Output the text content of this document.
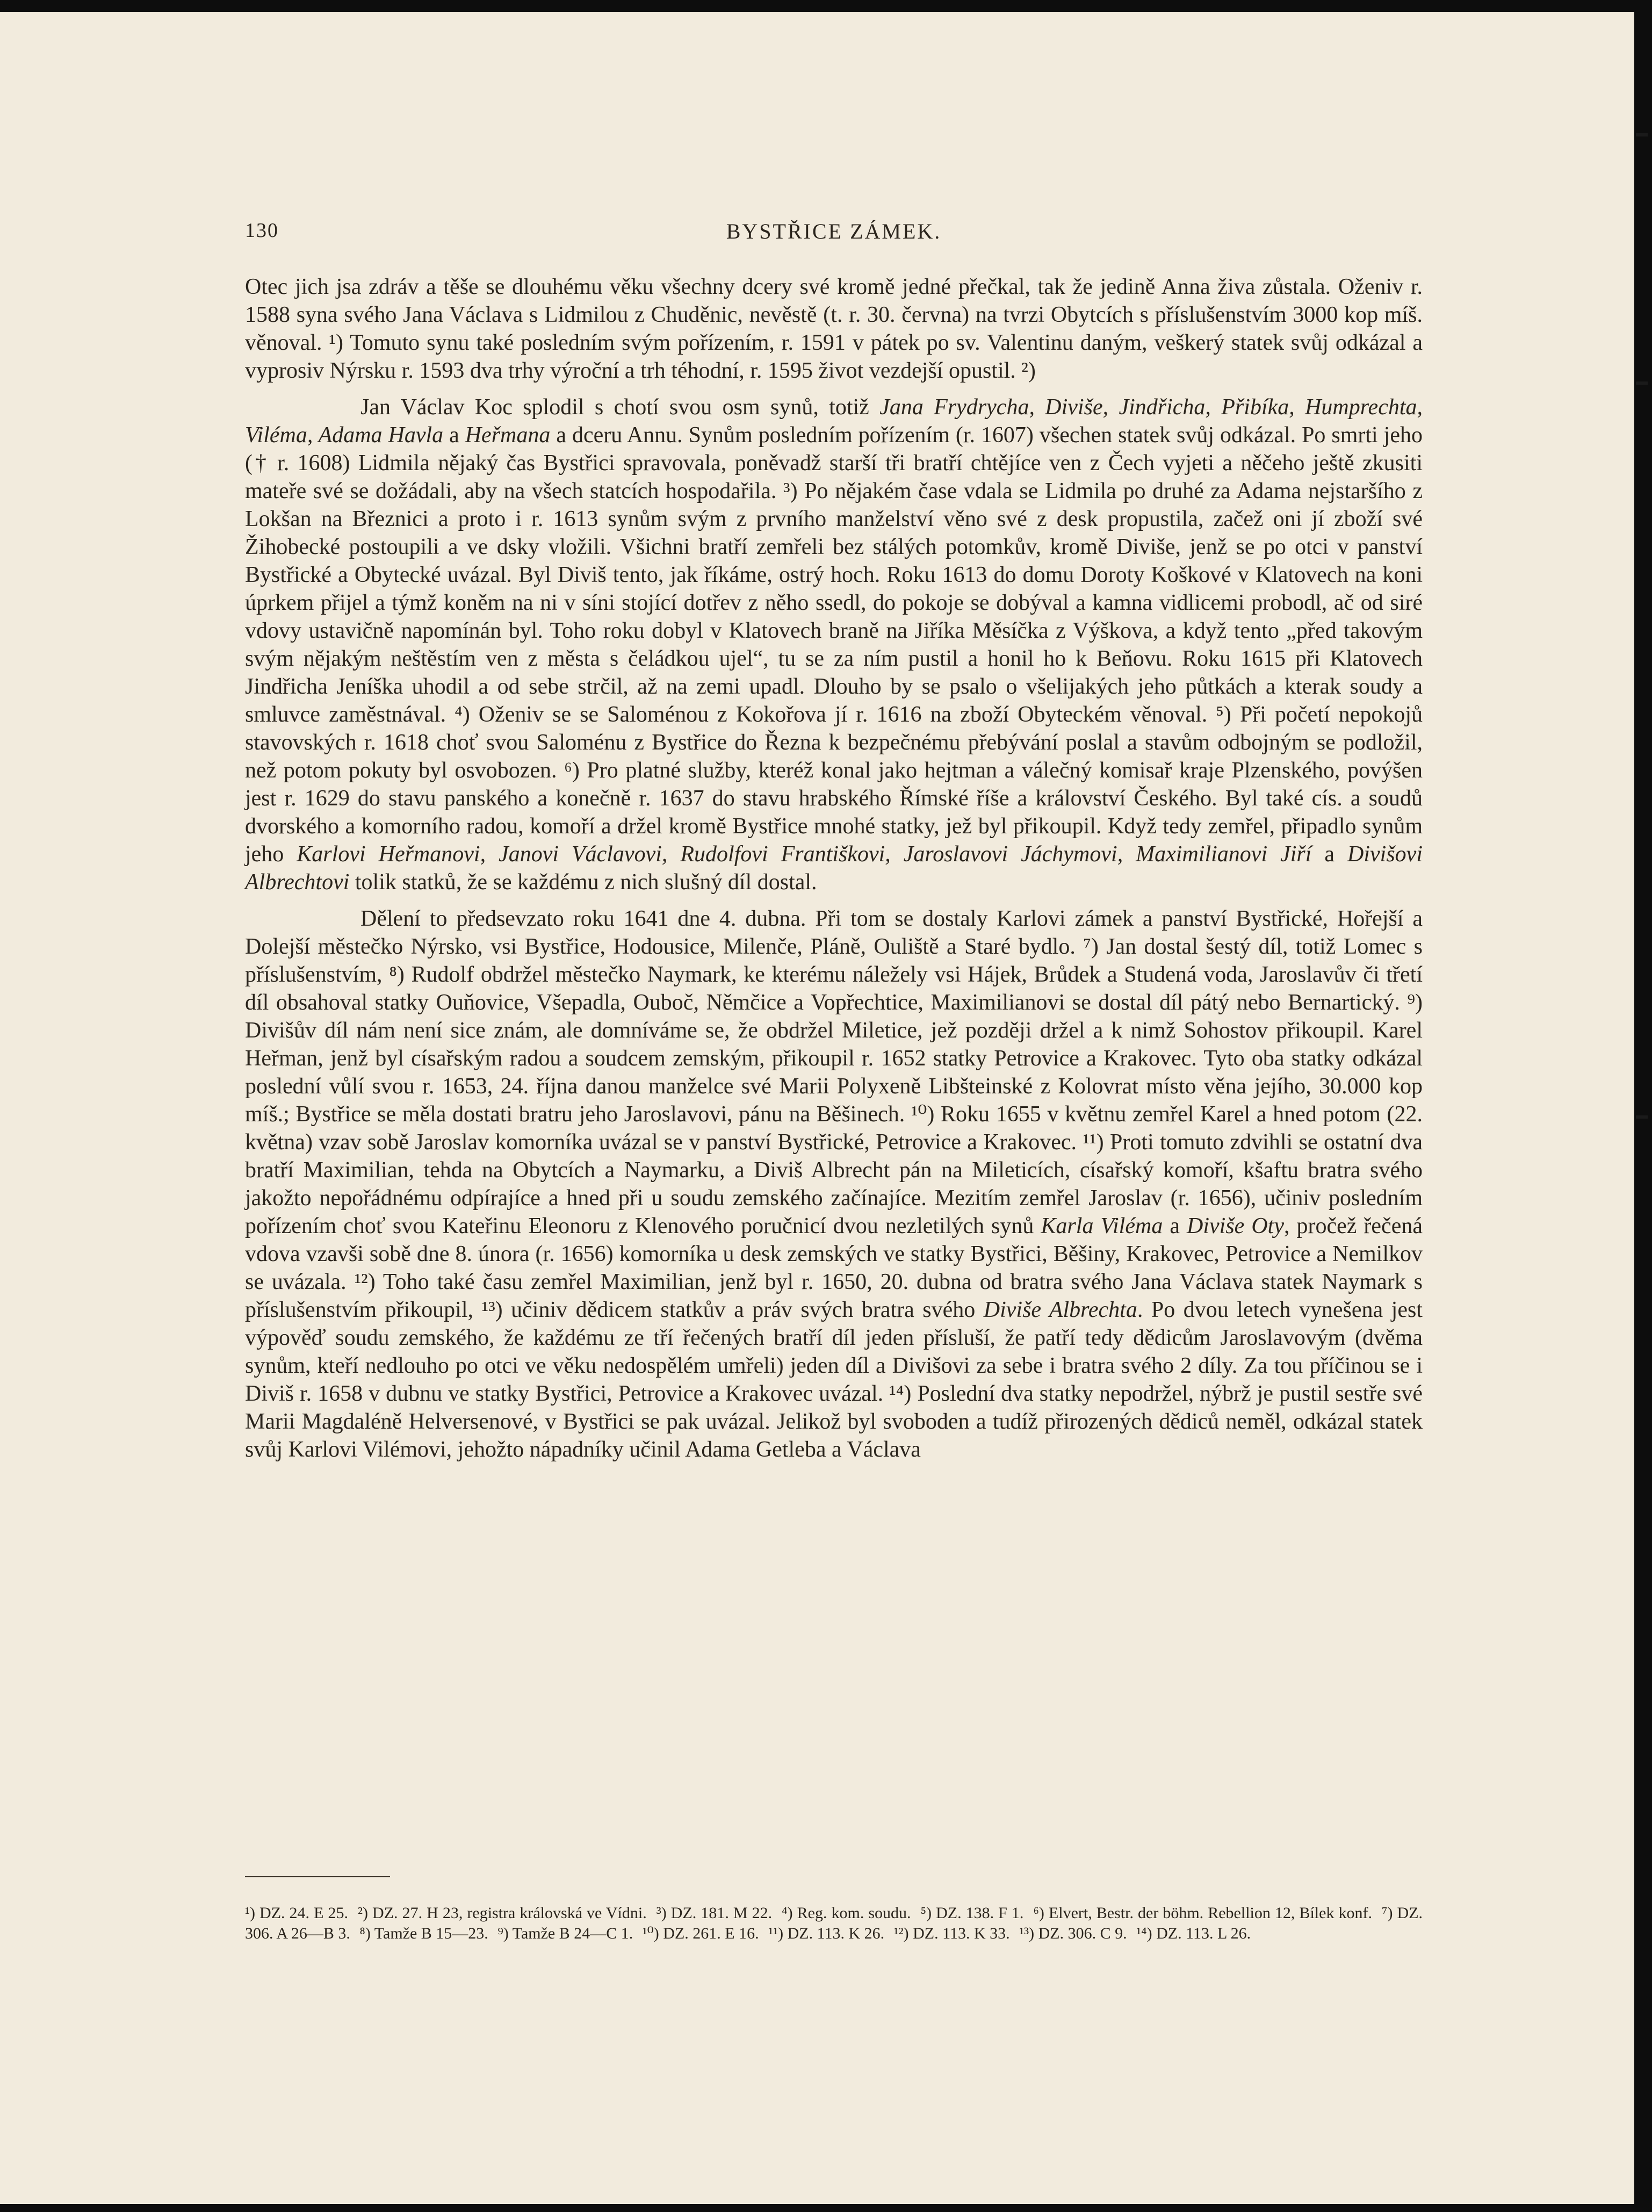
130	BYSTŘICE ZÁMEK.

Otec jich jsa zdráv a těše se dlouhému věku všechny dcery své kromě jedné přečkal, tak že jedině Anna živa zůstala. Oženiv r. 1588 syna svého Jana Václava s Lidmilou z Chuděnic, nevěstě (t. r. 30. června) na tvrzi Obytcích s příslušenstvím 3000 kop míš. věnoval. ¹) Tomuto synu také posledním svým pořízením, r. 1591 v pátek po sv. Valentinu daným, veškerý statek svůj odkázal a vyprosiv Nýrsku r. 1593 dva trhy výroční a trh téhodní, r. 1595 život vezdejší opustil. ²)

Jan Václav Koc splodil s chotí svou osm synů, totiž Jana Frydrycha, Diviše, Jindřicha, Přibíka, Humprechta, Viléma, Adama Havla a Heřmana a dceru Annu. Synům posledním pořízením (r. 1607) všechen statek svůj odkázal. Po smrti jeho († r. 1608) Lidmila nějaký čas Bystřici spravovala, poněvadž starší tři bratří chtějíce ven z Čech vyjeti a něčeho ještě zkusiti mateře své se dožádali, aby na všech statcích hospodařila. ³) Po nějakém čase vdala se Lidmila po druhé za Adama nejstaršího z Lokšan na Březnici a proto i r. 1613 synům svým z prvního manželství věno své z desk propustila, začež oni jí zboží své Žihobecké postoupili a ve dsky vložili. Všichni bratří zemřeli bez stálých potomkův, kromě Diviše, jenž se po otci v panství Bystřické a Obytecké uvázal. Byl Diviš tento, jak říkáme, ostrý hoch. Roku 1613 do domu Doroty Koškové v Klatovech na koni úprkem přijel a týmž koněm na ni v síni stojící dotřev z něho ssedl, do pokoje se dobýval a kamna vidlicemi probodl, ač od siré vdovy ustavičně napomínán byl. Toho roku dobyl v Klatovech braně na Jiříka Měsíčka z Výškova, a když tento „před takovým svým nějakým neštěstím ven z města s čeládkou ujel“, tu se za ním pustil a honil ho k Beňovu. Roku 1615 při Klatovech Jindřicha Jeníška uhodil a od sebe strčil, až na zemi upadl. Dlouho by se psalo o všelijakých jeho půtkách a kterak soudy a smluvce zaměstnával. ⁴) Oženiv se se Saloménou z Kokořova jí r. 1616 na zboží Obyteckém věnoval. ⁵) Při početí nepokojů stavovských r. 1618 choť svou Saloménu z Bystřice do Řezna k bezpečnému přebývání poslal a stavům odbojným se podložil, než potom pokuty byl osvobozen. ⁶) Pro platné služby, kteréž konal jako hejtman a válečný komisař kraje Plzenského, povýšen jest r. 1629 do stavu panského a konečně r. 1637 do stavu hrabského Římské říše a království Českého. Byl také cís. a soudů dvorského a komorního radou, komoří a držel kromě Bystřice mnohé statky, jež byl přikoupil. Když tedy zemřel, připadlo synům jeho Karlovi Heřmanovi, Janovi Václavovi, Rudolfovi Františkovi, Jaroslavovi Jáchymovi, Maximilianovi Jiří a Divišovi Albrechtovi tolik statků, že se každému z nich slušný díl dostal.

Dělení to předsevzato roku 1641 dne 4. dubna. Při tom se dostaly Karlovi zámek a panství Bystřické, Hořejší a Dolejší městečko Nýrsko, vsi Bystřice, Hodousice, Milenče, Pláně, Ouliště a Staré bydlo. ⁷) Jan dostal šestý díl, totiž Lomec s příslušenstvím, ⁸) Rudolf obdržel městečko Naymark, ke kterému náležely vsi Hájek, Brůdek a Studená voda, Jaroslavův či třetí díl obsahoval statky Ouňovice, Všepadla, Ouboč, Němčice a Vopřechtice, Maximilianovi se dostal díl pátý nebo Bernartický. ⁹) Divišův díl nám není sice znám, ale domníváme se, že obdržel Miletice, jež později držel a k nimž Sohostov přikoupil. Karel Heřman, jenž byl císařským radou a soudcem zemským, přikoupil r. 1652 statky Petrovice a Krakovec. Tyto oba statky odkázal poslední vůlí svou r. 1653, 24. října danou manželce své Marii Polyxeně Libšteinské z Kolovrat místo věna jejího, 30.000 kop míš.; Bystřice se měla dostati bratru jeho Jaroslavovi, pánu na Běšinech. ¹⁰) Roku 1655 v květnu zemřel Karel a hned potom (22. května) vzav sobě Jaroslav komorníka uvázal se v panství Bystřické, Petrovice a Krakovec. ¹¹) Proti tomuto zdvihli se ostatní dva bratří Maximilian, tehda na Obytcích a Naymarku, a Diviš Albrecht pán na Mileticích, císařský komoří, kšaftu bratra svého jakožto nepořádnému odpírajíce a hned při u soudu zemského začínajíce. Mezitím zemřel Jaroslav (r. 1656), učiniv posledním pořízením choť svou Kateřinu Eleonoru z Klenového poručnicí dvou nezletilých synů Karla Viléma a Diviše Oty, pročež řečená vdova vzavši sobě dne 8. února (r. 1656) komorníka u desk zemských ve statky Bystřici, Běšiny, Krakovec, Petrovice a Nemilkov se uvázala. ¹²) Toho také času zemřel Maximilian, jenž byl r. 1650, 20. dubna od bratra svého Jana Václava statek Naymark s příslušenstvím přikoupil, ¹³) učiniv dědicem statkův a práv svých bratra svého Diviše Albrechta. Po dvou letech vynešena jest výpověď soudu zemského, že každému ze tří řečených bratří díl jeden přísluší, že patří tedy dědicům Jaroslavovým (dvěma synům, kteří nedlouho po otci ve věku nedospělém umřeli) jeden díl a Divišovi za sebe i bratra svého 2 díly. Za tou příčinou se i Diviš r. 1658 v dubnu ve statky Bystřici, Petrovice a Krakovec uvázal. ¹⁴) Poslední dva statky nepodržel, nýbrž je pustil sestře své Marii Magdaléně Helversenové, v Bystřici se pak uvázal. Jelikož byl svoboden a tudíž přirozených dědiců neměl, odkázal statek svůj Karlovi Vilémovi, jehožto nápadníky učinil Adama Getleba a Václava

¹) DZ. 24. E 25. ²) DZ. 27. H 23, registra královská ve Vídni. ³) DZ. 181. M 22. ⁴) Reg. kom. soudu. ⁵) DZ. 138. F 1. ⁶) Elvert, Bestr. der böhm. Rebellion 12, Bílek konf. ⁷) DZ. 306. A 26—B 3. ⁸) Tamže B 15—23. ⁹) Tamže B 24—C 1. ¹⁰) DZ. 261. E 16. ¹¹) DZ. 113. K 26. ¹²) DZ. 113. K 33. ¹³) DZ. 306. C 9. ¹⁴) DZ. 113. L 26.
